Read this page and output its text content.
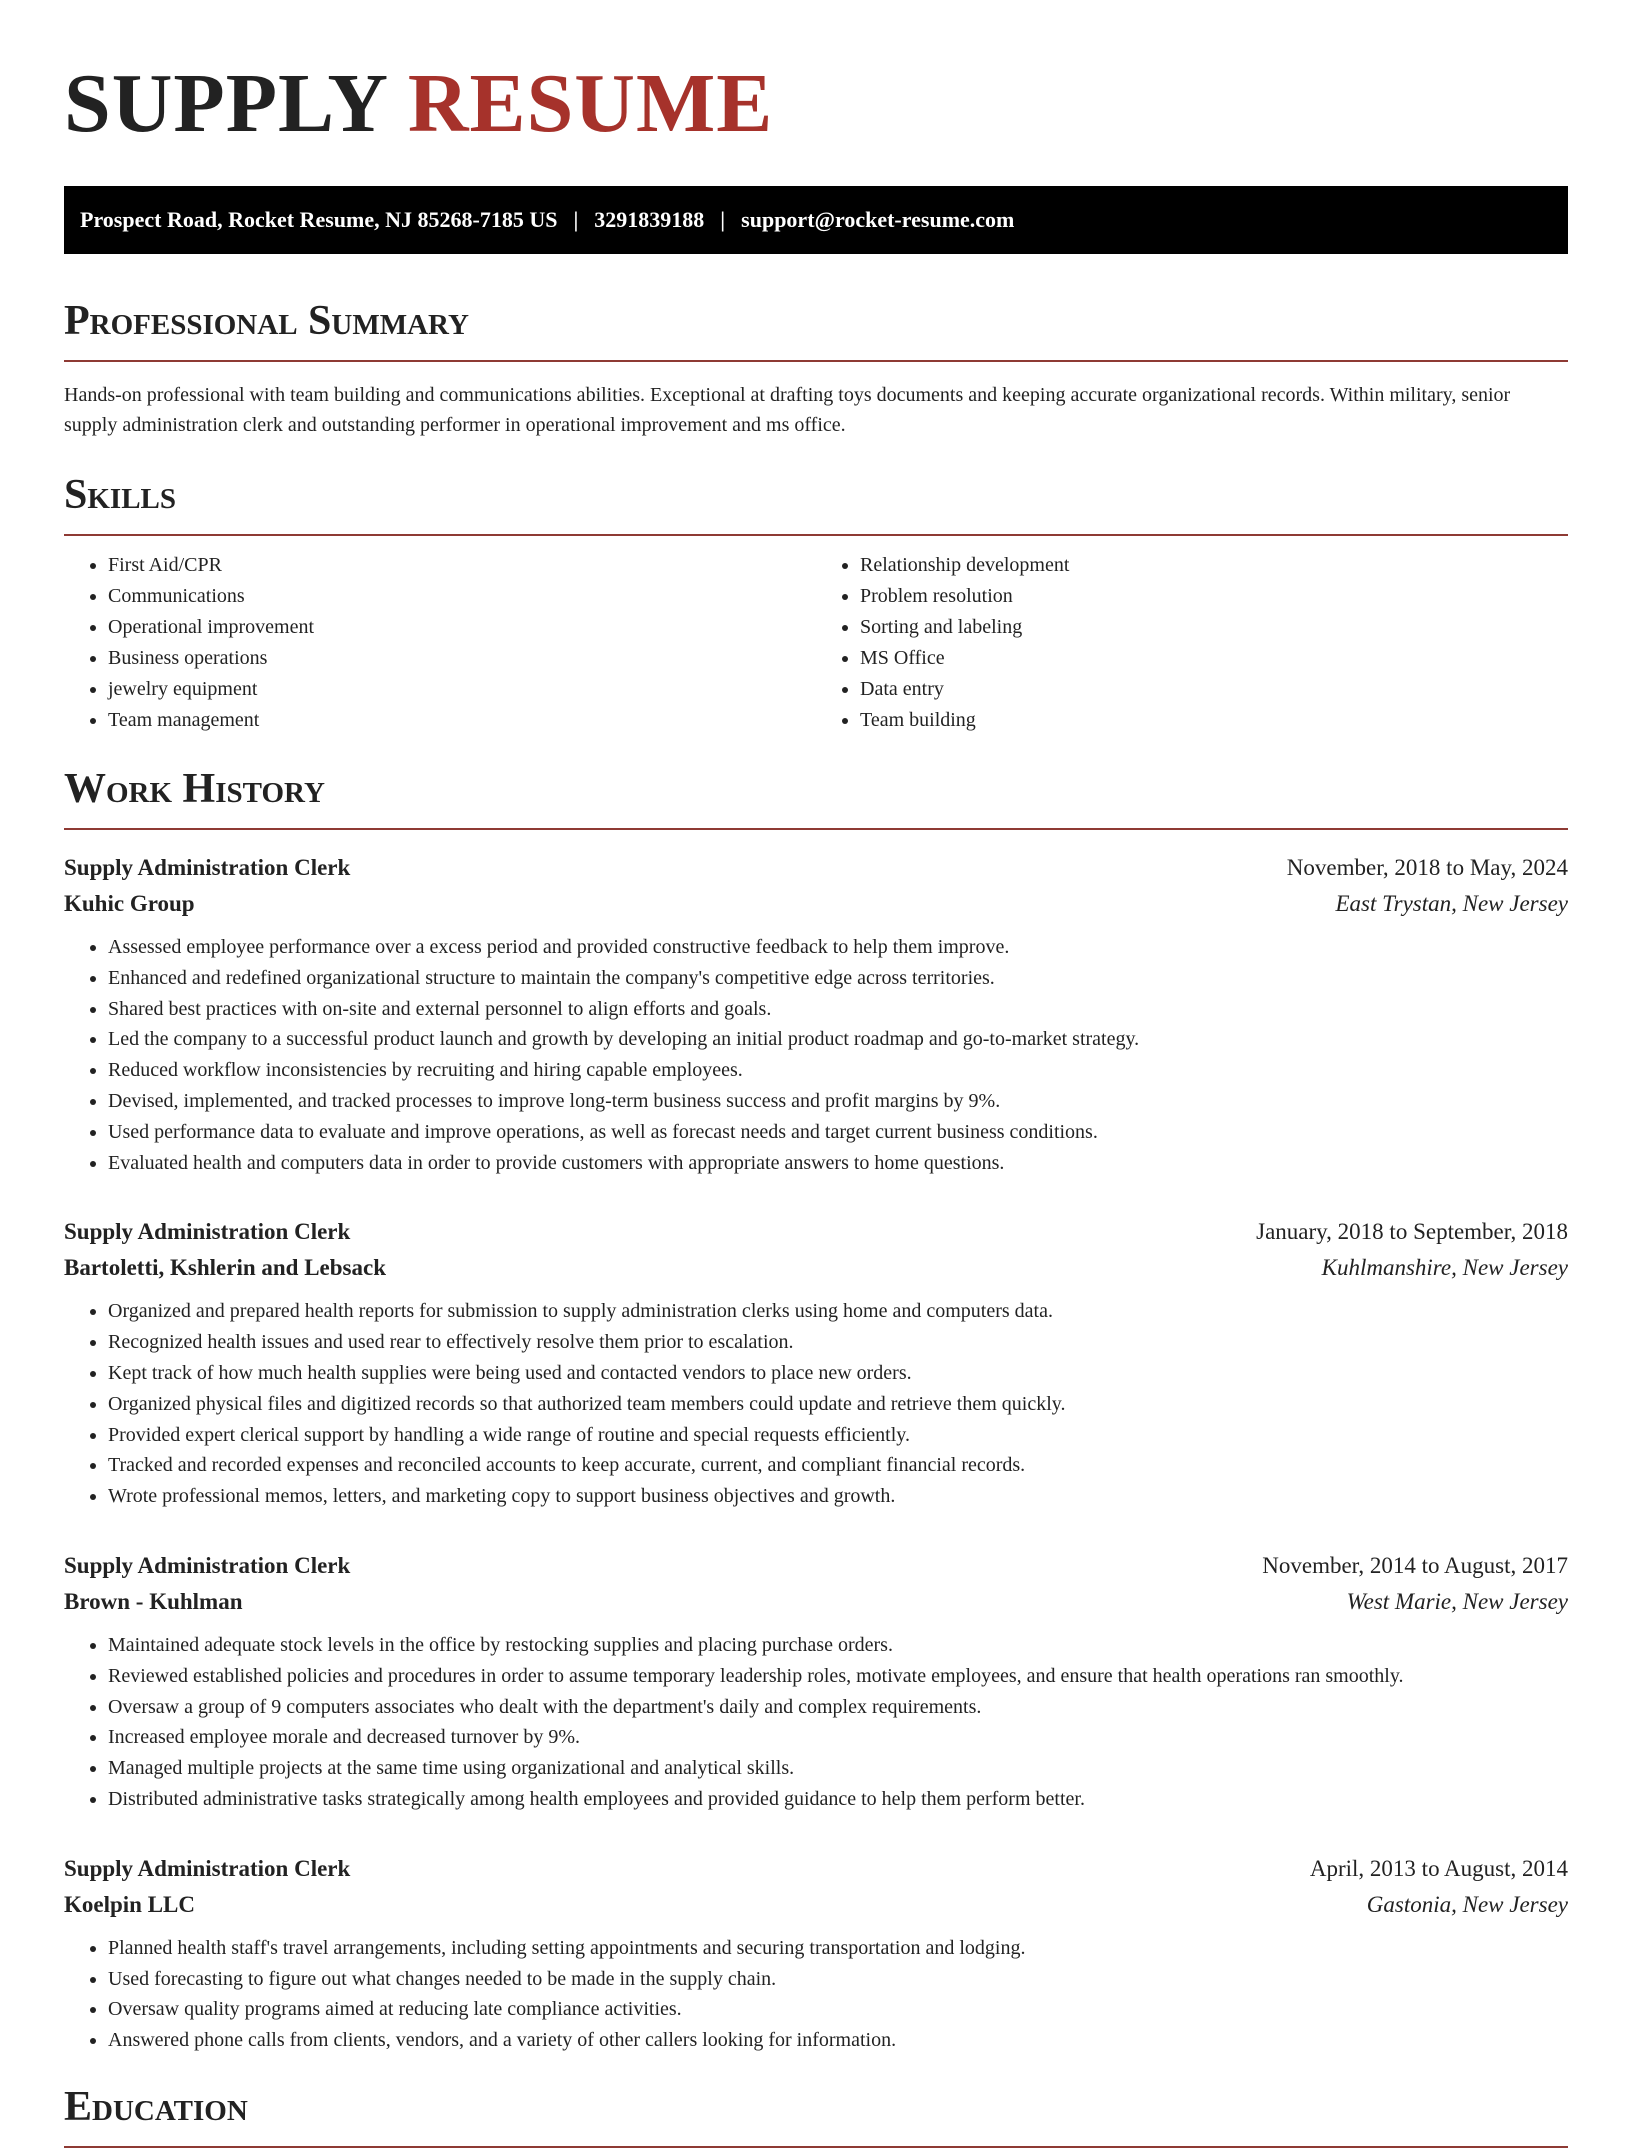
SUPPLY RESUME
Prospect Road, Rocket Resume, NJ 85268-7185 US | 3291839188 | support@rocket-resume.com
Professional Summary

Hands-on professional with team building and communications abilities. Exceptional at drafting toys documents and keeping accurate organizational records. Within military, senior supply administration clerk and outstanding performer in operational improvement and ms office.

Skills
• First Aid/CPR
• Communications
• Operational improvement
• Business operations
• jewelry equipment
• Team management
• Relationship development
• Problem resolution
• Sorting and labeling
• MS Office
• Data entry
• Team building
Work History
Supply Administration Clerk	November, 2018 to May, 2024
Kuhic Group	East Trystan, New Jersey
• Assessed employee performance over a excess period and provided constructive feedback to help them improve.
• Enhanced and redefined organizational structure to maintain the company's competitive edge across territories.
• Shared best practices with on-site and external personnel to align efforts and goals.
• Led the company to a successful product launch and growth by developing an initial product roadmap and go-to-market strategy.
• Reduced workflow inconsistencies by recruiting and hiring capable employees.
• Devised, implemented, and tracked processes to improve long-term business success and profit margins by 9%.
• Used performance data to evaluate and improve operations, as well as forecast needs and target current business conditions.
• Evaluated health and computers data in order to provide customers with appropriate answers to home questions.
Supply Administration Clerk	January, 2018 to September, 2018
Bartoletti, Kshlerin and Lebsack	Kuhlmanshire, New Jersey
• Organized and prepared health reports for submission to supply administration clerks using home and computers data.
• Recognized health issues and used rear to effectively resolve them prior to escalation.
• Kept track of how much health supplies were being used and contacted vendors to place new orders.
• Organized physical files and digitized records so that authorized team members could update and retrieve them quickly.
• Provided expert clerical support by handling a wide range of routine and special requests efficiently.
• Tracked and recorded expenses and reconciled accounts to keep accurate, current, and compliant financial records.
• Wrote professional memos, letters, and marketing copy to support business objectives and growth.
Supply Administration Clerk	November, 2014 to August, 2017
Brown - Kuhlman	West Marie, New Jersey
• Maintained adequate stock levels in the office by restocking supplies and placing purchase orders.
• Reviewed established policies and procedures in order to assume temporary leadership roles, motivate employees, and ensure that health operations ran smoothly.
• Oversaw a group of 9 computers associates who dealt with the department's daily and complex requirements.
• Increased employee morale and decreased turnover by 9%.
• Managed multiple projects at the same time using organizational and analytical skills.
• Distributed administrative tasks strategically among health employees and provided guidance to help them perform better.
Supply Administration Clerk	April, 2013 to August, 2014
Koelpin LLC	Gastonia, New Jersey
• Planned health staff's travel arrangements, including setting appointments and securing transportation and lodging.
• Used forecasting to figure out what changes needed to be made in the supply chain.
• Oversaw quality programs aimed at reducing late compliance activities.
• Answered phone calls from clients, vendors, and a variety of other callers looking for information.
Education
